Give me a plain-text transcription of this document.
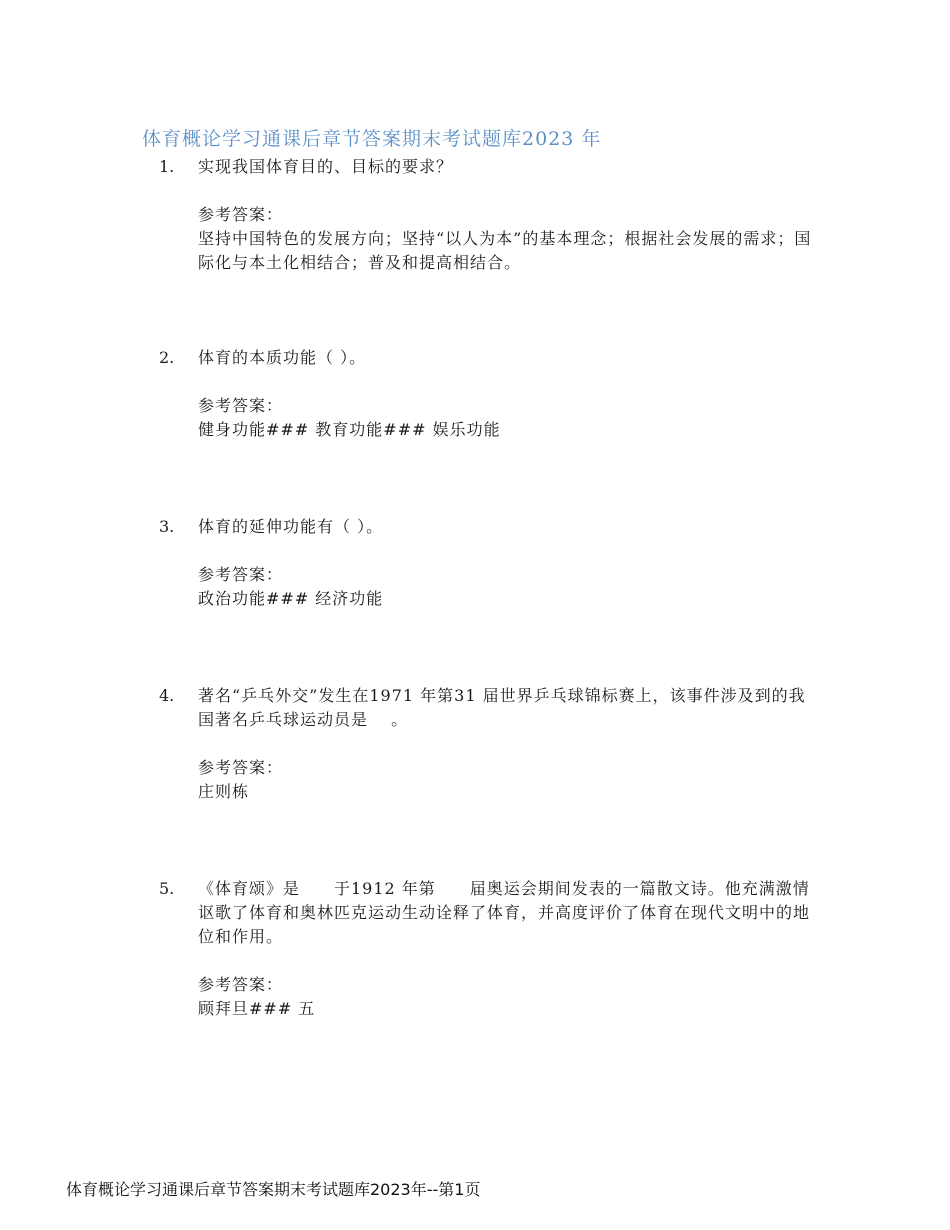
体育概论学习通课后章节答案期末考试题库2023 年
1. 实现我国体育目的、目标的要求？

参考答案：

坚持中国特色的发展方向；坚持“以人为本”的基本理念；根据社会发展的需求；国际化与本土化相结合；普及和提高相结合。

2. 体育的本质功能（ ）。

参考答案：

健身功能### 教育功能### 娱乐功能

3. 体育的延伸功能有（ ）。

参考答案：

政治功能### 经济功能

4. 著名“乒乓外交”发生在1971 年第31 届世界乒乓球锦标赛上，该事件涉及到的我国著名乒乓球运动员是　 。

参考答案：

庄则栋

5. 《体育颂》是　　于1912 年第　　届奥运会期间发表的一篇散文诗。他充满激情讴歌了体育和奥林匹克运动生动诠释了体育，并高度评价了体育在现代文明中的地位和作用。

参考答案：

顾拜旦### 五

体育概论学习通课后章节答案期末考试题库2023年--第1页
